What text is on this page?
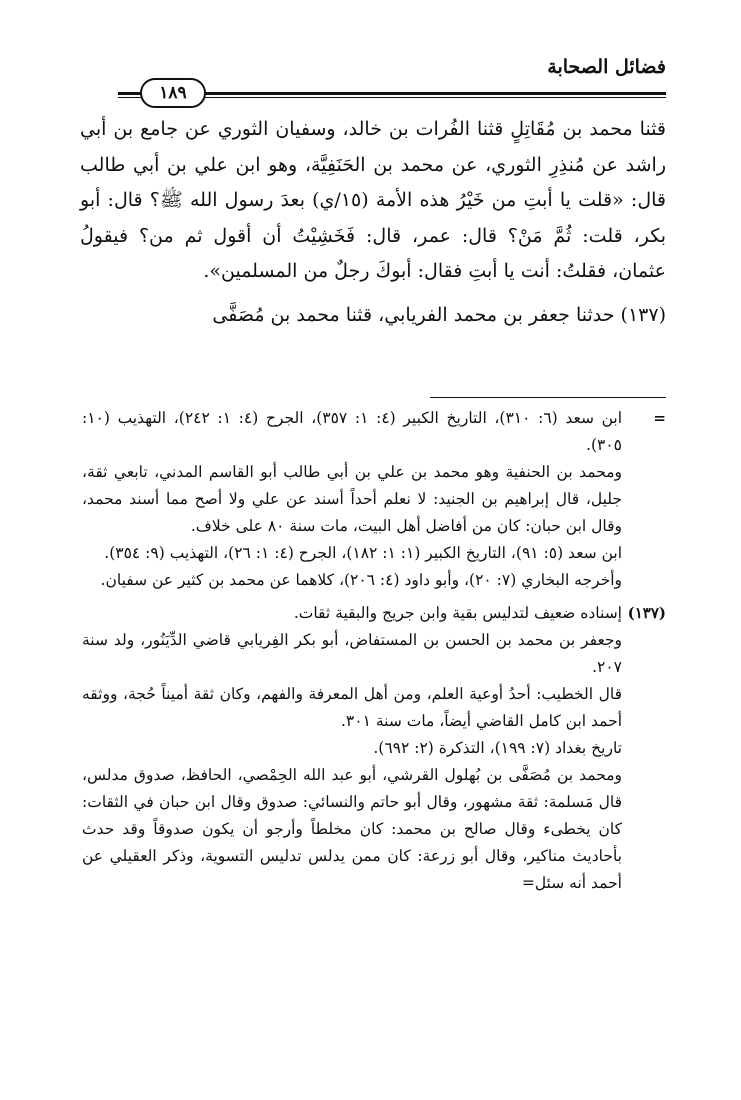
فضائل الصحابة
١٨٩

قثنا محمد بن مُقَاتِلٍ قثنا الفُرات بن خالد، وسفيان الثوري عن جامع بن أبي راشد عن مُنذِرِ الثوري، عن محمد بن الحَنَفِيَّة، وهو ابن علي بن أبي طالب قال: «قلت يا أبتِ من خَيْرُ هذه الأمة (١٥/ي) بعدَ رسول الله ﷺ؟ قال: أبو بكر، قلت: ثُمَّ مَنْ؟ قال: عمر، قال: فَخَشِيْتُ أن أقول ثم من؟ فيقولُ عثمان، فقلتُ: أنت يا أبتِ فقال: أبوكَ رجلٌ من المسلمين».

(١٣٧) حدثنا جعفر بن محمد الفريابي، قثنا محمد بن مُصَفَّى

=

ابن سعد (٦: ٣١٠)، التاريخ الكبير (٤: ١: ٣٥٧)، الجرح (٤: ١: ٢٤٢)، التهذيب (١٠: ٣٠٥).

ومحمد بن الحنفية وهو محمد بن علي بن أبي طالب أبو القاسم المدني، تابعي ثقة، جليل، قال إبراهيم بن الجنيد: لا نعلم أحداً أسند عن علي ولا أصح مما أسند محمد، وقال ابن حبان: كان من أفاضل أهل البيت، مات سنة ٨٠ على خلاف.

ابن سعد (٥: ٩١)، التاريخ الكبير (١: ١: ١٨٢)، الجرح (٤: ١: ٢٦)، التهذيب (٩: ٣٥٤).

وأخرجه البخاري (٧: ٢٠)، وأبو داود (٤: ٢٠٦)، كلاهما عن محمد بن كثير عن سفيان.

(١٣٧)

إسناده ضعيف لتدليس بقية وابن جريج والبقية ثقات.

وجعفر بن محمد بن الحسن بن المستفاض، أبو بكر الفِريابي قاضي الدِّيَنُور، ولد سنة ٢٠٧.

قال الخطيب: أحدُ أوعية العلم، ومن أهل المعرفة والفهم، وكان ثقة أميناً حُجة، ووثقه أحمد ابن كامل القاضي أيضاً، مات سنة ٣٠١.

تاريخ بغداد (٧: ١٩٩)، التذكرة (٢: ٦٩٢).

ومحمد بن مُصَفَّى بن بُهلول القرشي، أبو عبد الله الحِمْصي، الحافظ، صدوق مدلس، قال مَسلمة: ثقة مشهور، وقال أبو حاتم والنسائي: صدوق وقال ابن حبان في الثقات: كان يخطىء وقال صالح بن محمد: كان مخلطاً وأرجو أن يكون صدوقاً وقد حدث بأحاديث مناكير، وقال أبو زرعة: كان ممن يدلس تدليس التسوية، وذكر العقيلي عن أحمد أنه سئل=
